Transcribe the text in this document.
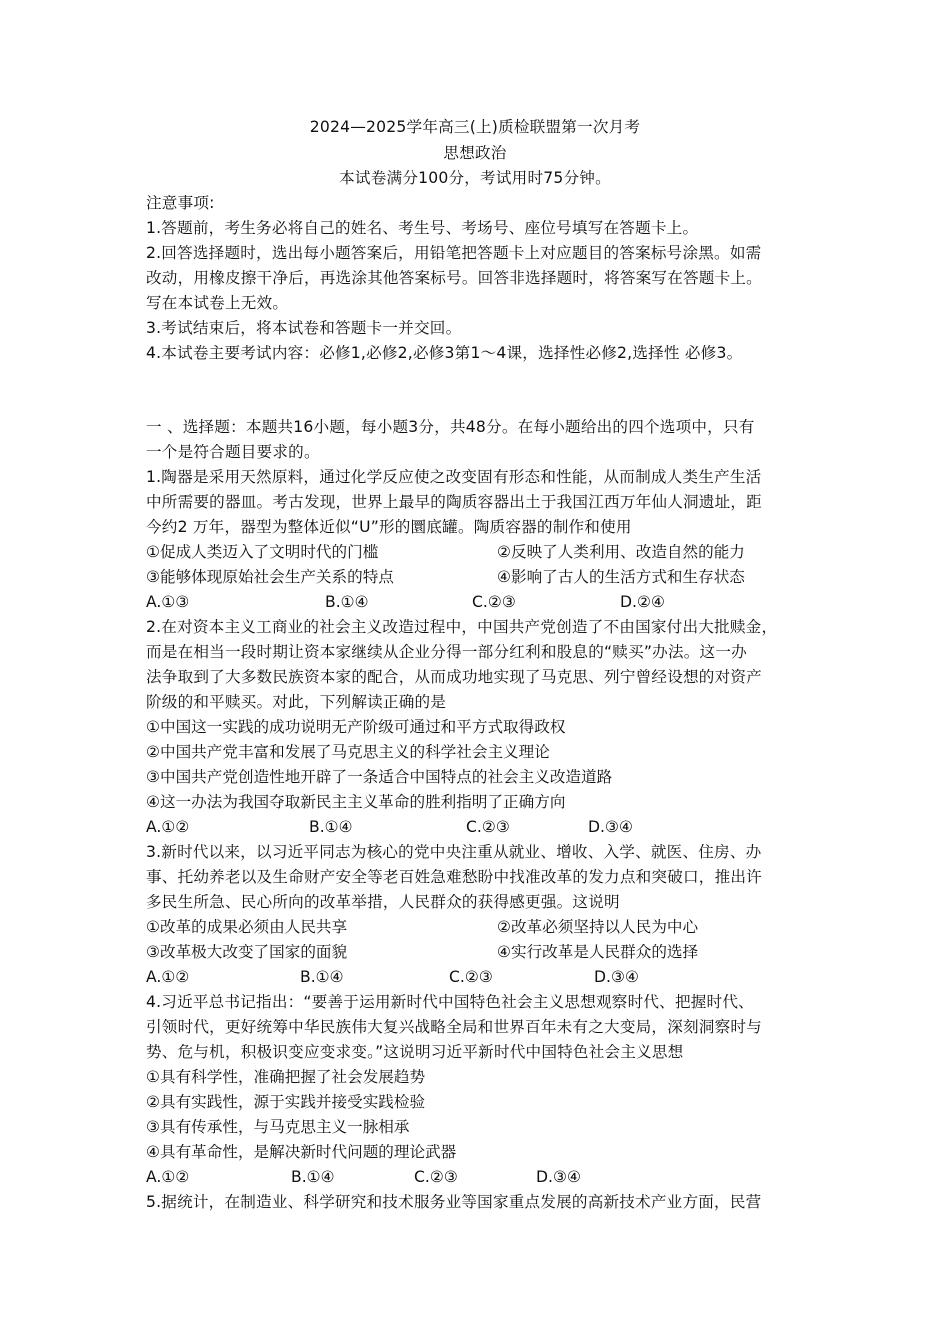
2024—2025学年高三(上)质检联盟第一次月考
思想政治
本试卷满分100分，考试用时75分钟。
注意事项:
1.答题前，考生务必将自己的姓名、考生号、考场号、座位号填写在答题卡上。
2.回答选择题时，选出每小题答案后，用铅笔把答题卡上对应题目的答案标号涂黑。如需
改动，用橡皮擦干净后，再选涂其他答案标号。回答非选择题时，将答案写在答题卡上。
写在本试卷上无效。
3.考试结束后，将本试卷和答题卡一并交回。
4.本试卷主要考试内容：必修1,必修2,必修3第1～4课，选择性必修2,选择性 必修3。
一 、选择题：本题共16小题，每小题3分，共48分。在每小题给出的四个选项中，只有
一个是符合题目要求的。
1.陶器是采用天然原料，通过化学反应使之改变固有形态和性能，从而制成人类生产生活
中所需要的器皿。考古发现，世界上最早的陶质容器出土于我国江西万年仙人洞遗址，距
今约2 万年，器型为整体近似“U”形的圜底罐。陶质容器的制作和使用
①促成人类迈入了文明时代的门槛	②反映了人类利用、改造自然的能力
③能够体现原始社会生产关系的特点	④影响了古人的生活方式和生存状态
A.①③	B.①④	C.②③	D.②④
2.在对资本主义工商业的社会主义改造过程中，中国共产党创造了不由国家付出大批赎金，
而是在相当一段时期让资本家继续从企业分得一部分红利和股息的“赎买”办法。这一办
法争取到了大多数民族资本家的配合，从而成功地实现了马克思、列宁曾经设想的对资产
阶级的和平赎买。对此，下列解读正确的是
①中国这一实践的成功说明无产阶级可通过和平方式取得政权
②中国共产党丰富和发展了马克思主义的科学社会主义理论
③中国共产党创造性地开辟了一条适合中国特点的社会主义改造道路
④这一办法为我国夺取新民主主义革命的胜利指明了正确方向
A.①②	B.①④	C.②③	D.③④
3.新时代以来，以习近平同志为核心的党中央注重从就业、增收、入学、就医、住房、办
事、托幼养老以及生命财产安全等老百姓急难愁盼中找准改革的发力点和突破口，推出许
多民生所急、民心所向的改革举措，人民群众的获得感更强。这说明
①改革的成果必须由人民共享	②改革必须坚持以人民为中心
③改革极大改变了国家的面貌	④实行改革是人民群众的选择
A.①②	B.①④	C.②③	D.③④
4.习近平总书记指出：“要善于运用新时代中国特色社会主义思想观察时代、把握时代、
引领时代，更好统筹中华民族伟大复兴战略全局和世界百年未有之大变局，深刻洞察时与
势、危与机，积极识变应变求变。”这说明习近平新时代中国特色社会主义思想
①具有科学性，准确把握了社会发展趋势
②具有实践性，源于实践并接受实践检验
③具有传承性，与马克思主义一脉相承
④具有革命性，是解决新时代问题的理论武器
A.①②	B.①④	C.②③	D.③④
5.据统计，在制造业、科学研究和技术服务业等国家重点发展的高新技术产业方面，民营
